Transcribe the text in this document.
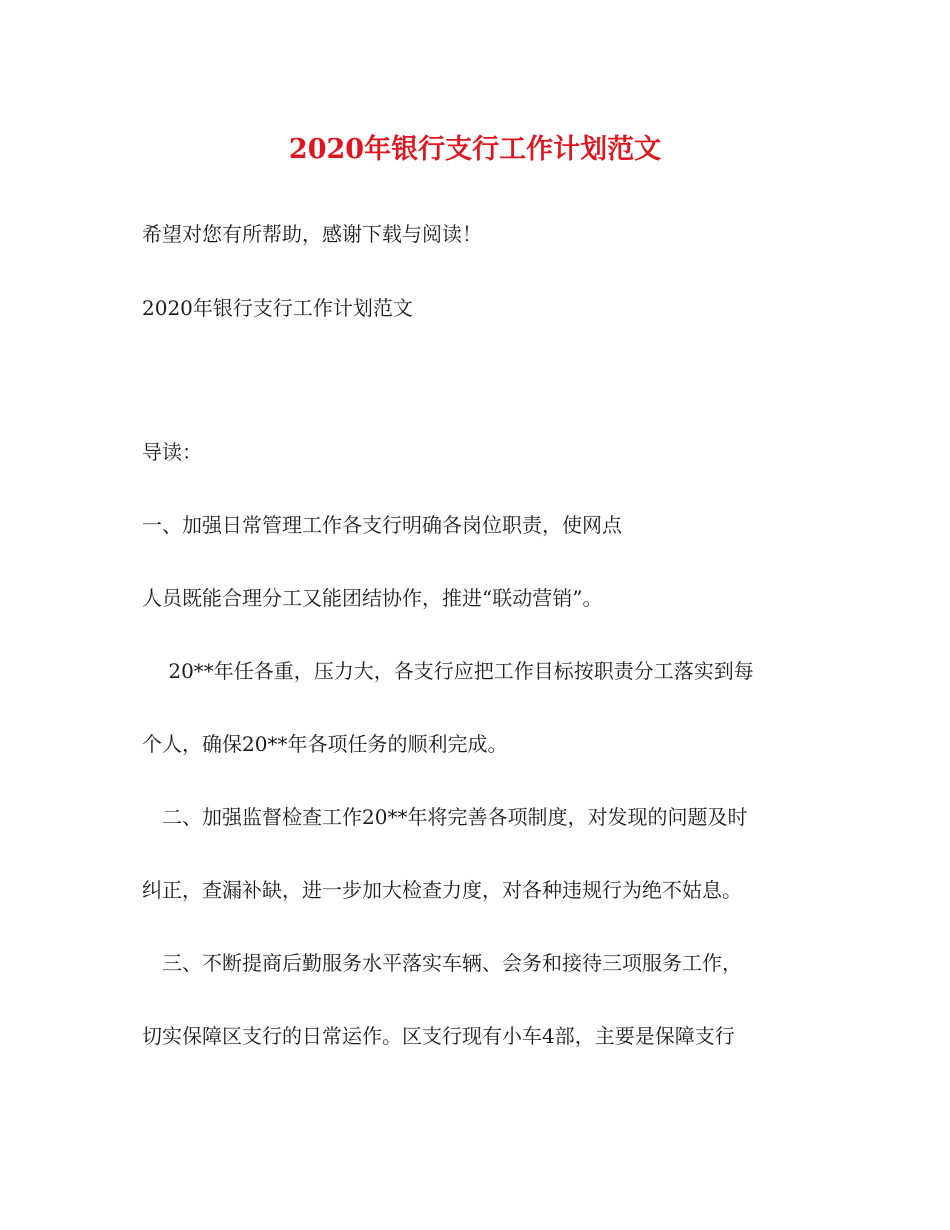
2020年银行支行工作计划范文
希望对您有所帮助，感谢下载与阅读！
2020年银行支行工作计划范文
导读：
一、加强日常管理工作各支行明确各岗位职责，使网点
人员既能合理分工又能团结协作，推进“联动营销”。
　 20**年任各重，压力大，各支行应把工作目标按职责分工落实到每
个人，确保20**年各项任务的顺利完成。
　二、加强监督检查工作20**年将完善各项制度，对发现的问题及时
纠正，查漏补缺，进一步加大检查力度，对各种违规行为绝不姑息。
　三、不断提商后勤服务水平落实车辆、会务和接待三项服务工作，
切实保障区支行的日常运作。区支行现有小车4部，主要是保障支行
